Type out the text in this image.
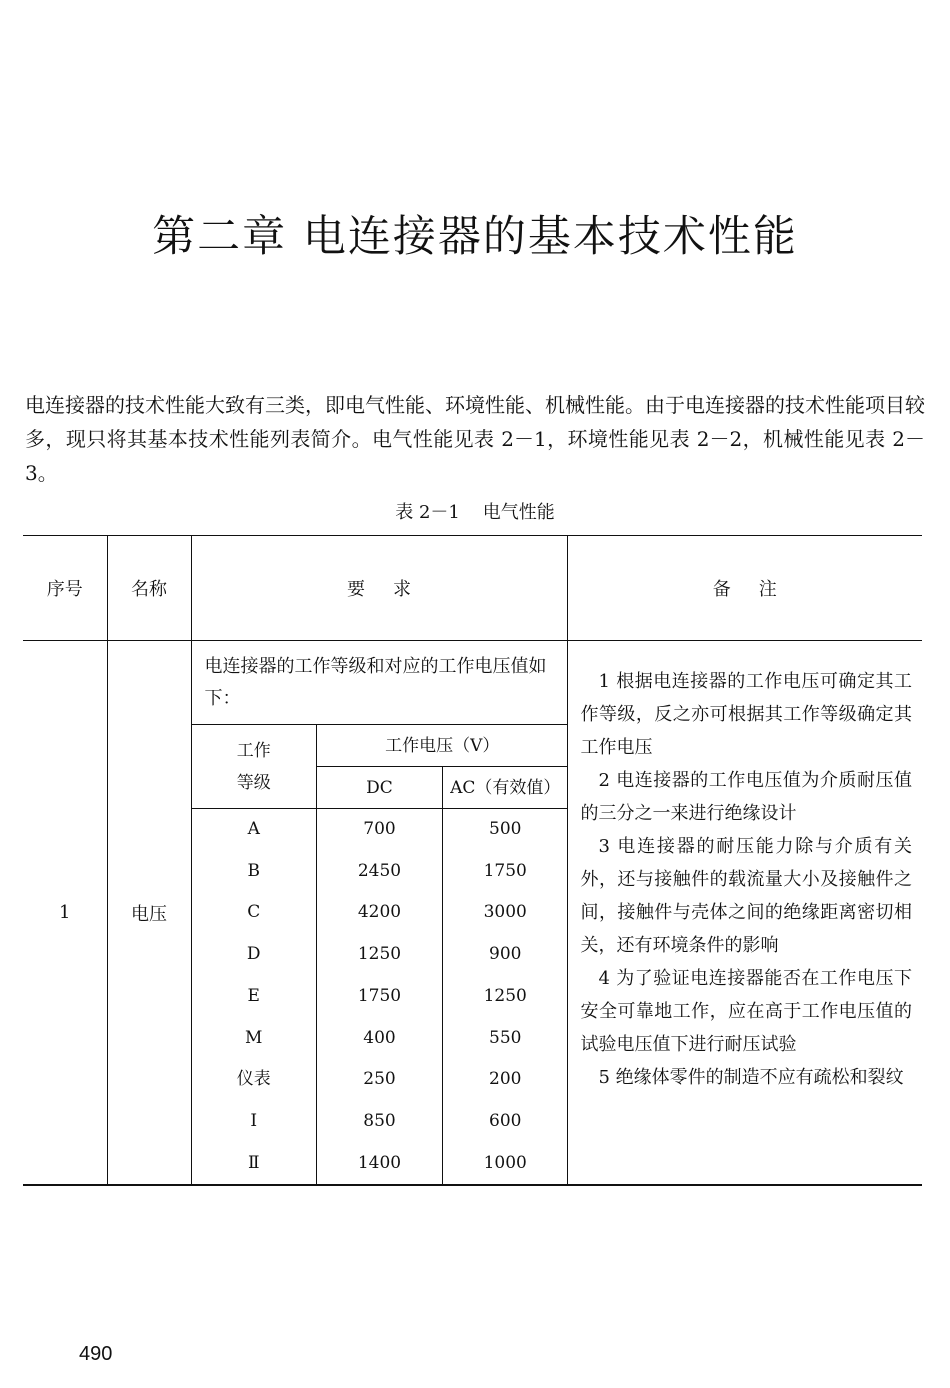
第二章 电连接器的基本技术性能

电连接器的技术性能大致有三类，即电气性能、环境性能、机械性能。由于电连接器的技术性能项目较多，现只将其基本技术性能列表简介。电气性能见表 2－1，环境性能见表 2－2，机械性能见表 2－3。

表 2－1    电气性能
序号	名称	要求	备注
1	电压	
电连接器的工作等级和对应的工作电压值如下：
工作等级	工作电压（V）
DC	AC（有效值）
A	700	500
B	2450	1750
C	4200	3000
D	1250	900
E	1750	1250
M	400	550
仪表	250	200
Ⅰ	850	600
Ⅱ	1400	1000

1 根据电连接器的工作电压可确定其工作等级，反之亦可根据其工作等级确定其工作电压

2 电连接器的工作电压值为介质耐压值的三分之一来进行绝缘设计

3 电连接器的耐压能力除与介质有关外，还与接触件的载流量大小及接触件之间，接触件与壳体之间的绝缘距离密切相关，还有环境条件的影响

4 为了验证电连接器能否在工作电压下安全可靠地工作，应在高于工作电压值的试验电压值下进行耐压试验

5 绝缘体零件的制造不应有疏松和裂纹

490
